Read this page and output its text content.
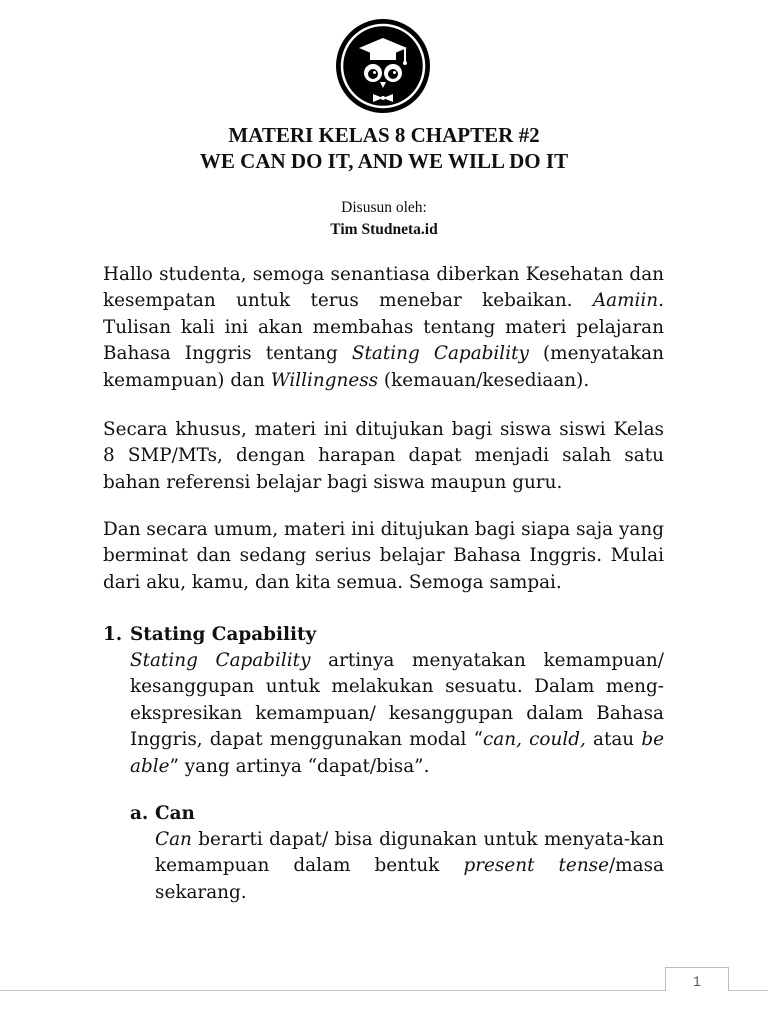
MATERI KELAS 8 CHAPTER #2
WE CAN DO IT, AND WE WILL DO IT
Disusun oleh:
Tim Studneta.id

Hallo studenta, semoga senantiasa diberkan Kesehatan dan kesempatan untuk terus menebar kebaikan. Aamiin. Tulisan kali ini akan membahas tentang materi pelajaran Bahasa Inggris tentang Stating Capability (menyatakan kemampuan) dan Willingness (kemauan/kesediaan).

Secara khusus, materi ini ditujukan bagi siswa siswi Kelas 8 SMP/MTs, dengan harapan dapat menjadi salah satu bahan referensi belajar bagi siswa maupun guru.

Dan secara umum, materi ini ditujukan bagi siapa saja yang berminat dan sedang serius belajar Bahasa Inggris. Mulai dari aku, kamu, dan kita semua. Semoga sampai.

1. Stating Capability

Stating Capability artinya menyatakan kemampuan/ kesanggupan untuk melakukan sesuatu. Dalam meng-ekspresikan kemampuan/ kesanggupan dalam Bahasa Inggris, dapat menggunakan modal “can, could, atau be able” yang artinya “dapat/bisa”.

a. Can

Can berarti dapat/ bisa digunakan untuk menyata-kan kemampuan dalam bentuk present tense/masa sekarang.

1
